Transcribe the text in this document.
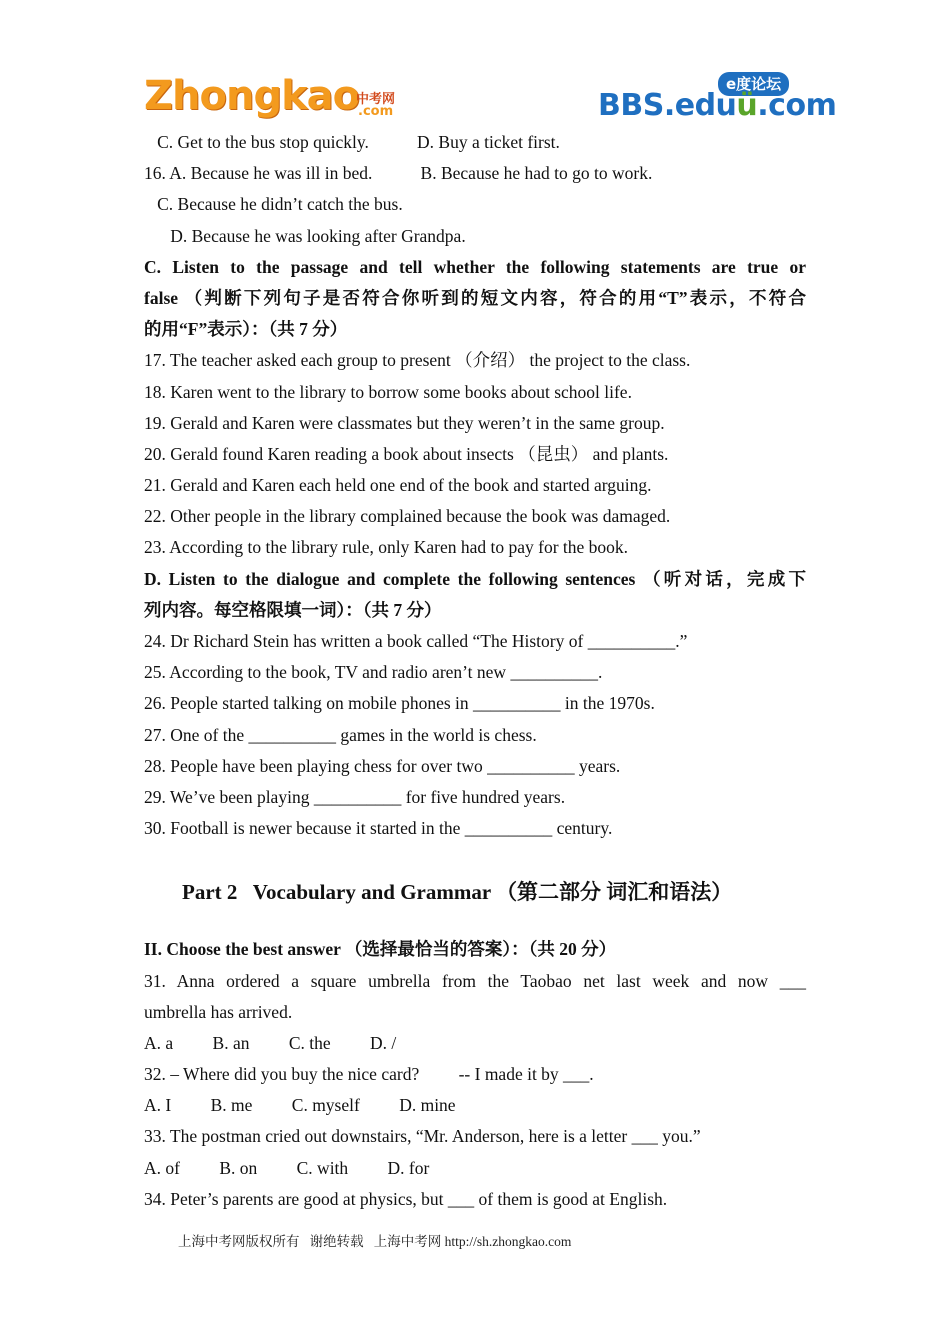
Zhongkao
中考网
.com
e度论坛
BBS.eduü.com
C. Get to the bus stop quickly.           D. Buy a ticket first.
16. A. Because he was ill in bed.           B. Because he had to go to work.
C. Because he didn’t catch the bus.
D. Because he was looking after Grandpa.
C. Listen to the passage and tell whether the following statements are true or
false （判断下列句子是否符合你听到的短文内容，符合的用“T”表示，不符合
的用“F”表示）：（共 7 分）
17. The teacher asked each group to present （介绍） the project to the class.
18. Karen went to the library to borrow some books about school life.
19. Gerald and Karen were classmates but they weren’t in the same group.
20. Gerald found Karen reading a book about insects （昆虫） and plants.
21. Gerald and Karen each held one end of the book and started arguing.
22. Other people in the library complained because the book was damaged.
23. According to the library rule, only Karen had to pay for the book.
D. Listen to the dialogue and complete the following sentences （听对话，完成下
列内容。每空格限填一词）：（共 7 分）
24. Dr Richard Stein has written a book called “The History of __________.”
25. According to the book, TV and radio aren’t new __________.
26. People started talking on mobile phones in __________ in the 1970s.
27. One of the __________ games in the world is chess.
28. People have been playing chess for over two __________ years.
29. We’ve been playing __________ for five hundred years.
30. Football is newer because it started in the __________ century.
Part 2   Vocabulary and Grammar （第二部分 词汇和语法）
II. Choose the best answer （选择最恰当的答案）：（共 20 分）
31. Anna ordered a square umbrella from the Taobao net last week and now ___
umbrella has arrived.
A. a         B. an         C. the         D. /
32. – Where did you buy the nice card?         -- I made it by ___.
A. I         B. me         C. myself         D. mine
33. The postman cried out downstairs, “Mr. Anderson, here is a letter ___ you.”
A. of         B. on         C. with         D. for
34. Peter’s parents are good at physics, but ___ of them is good at English.
上海中考网版权所有   谢绝转载   上海中考网 http://sh.zhongkao.com
